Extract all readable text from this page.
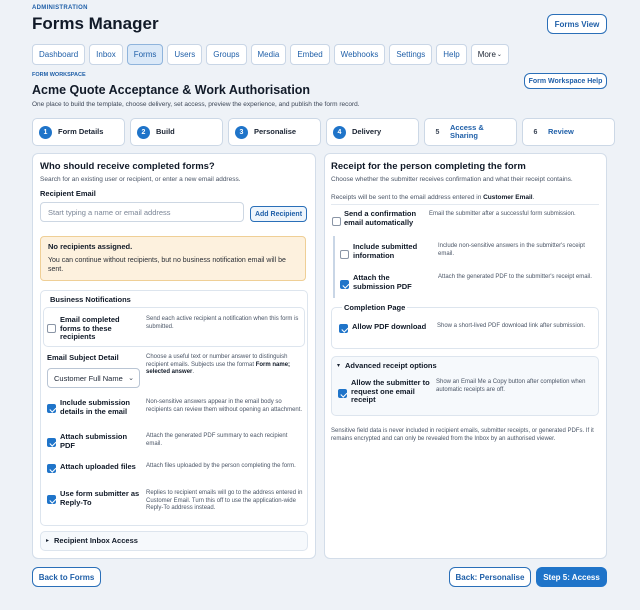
ADMINISTRATION
Forms Manager	Forms View
Dashboard	Inbox	Forms	Users	Groups	Media	Embed	Webhooks	Settings	Help	More ⌄
FORM WORKSPACE
Acme Quote Acceptance & Work Authorisation
One place to build the template, choose delivery, set access, preview the experience, and publish the form record.
Form Workspace Help
1	Form Details	2	Build	3	Personalise	4	Delivery	5	Access & Sharing	6	Review
Who should receive completed forms?
Search for an existing user or recipient, or enter a new email address.
Recipient Email
Start typing a name or email address	Add Recipient
No recipients assigned.
You can continue without recipients, but no business notification email will be sent.
Business Notifications
Email completed forms to these recipients
Send each active recipient a notification when this form is submitted.
Email Subject Detail
Customer Full Name ⌄
Choose a useful text or number answer to distinguish recipient emails. Subjects use the format Form name; selected answer.
Include submission details in the email
Non-sensitive answers appear in the email body so recipients can review them without opening an attachment.
Attach submission PDF
Attach the generated PDF summary to each recipient email.
Attach uploaded files	Attach files uploaded by the person completing the form.
Use form submitter as Reply-To
Replies to recipient emails will go to the address entered in Customer Email. Turn this off to use the application-wide Reply-To address instead.
▸ Recipient Inbox Access
Receipt for the person completing the form
Choose whether the submitter receives confirmation and what their receipt contains.
Receipts will be sent to the email address entered in Customer Email.
Send a confirmation email automatically
Email the submitter after a successful form submission.
Include submitted information
Include non-sensitive answers in the submitter's receipt email.
Attach the submission PDF
Attach the generated PDF to the submitter's receipt email.
Completion Page
Allow PDF download Show a short-lived PDF download link after submission.
▾ Advanced receipt options
Allow the submitter to request one email receipt
Show an Email Me a Copy button after completion when automatic receipts are off.
Sensitive field data is never included in recipient emails, submitter receipts, or generated PDFs. If it remains encrypted and can only be revealed from the Inbox by an authorised viewer.
Back to Forms	Back: Personalise	Step 5: Access
